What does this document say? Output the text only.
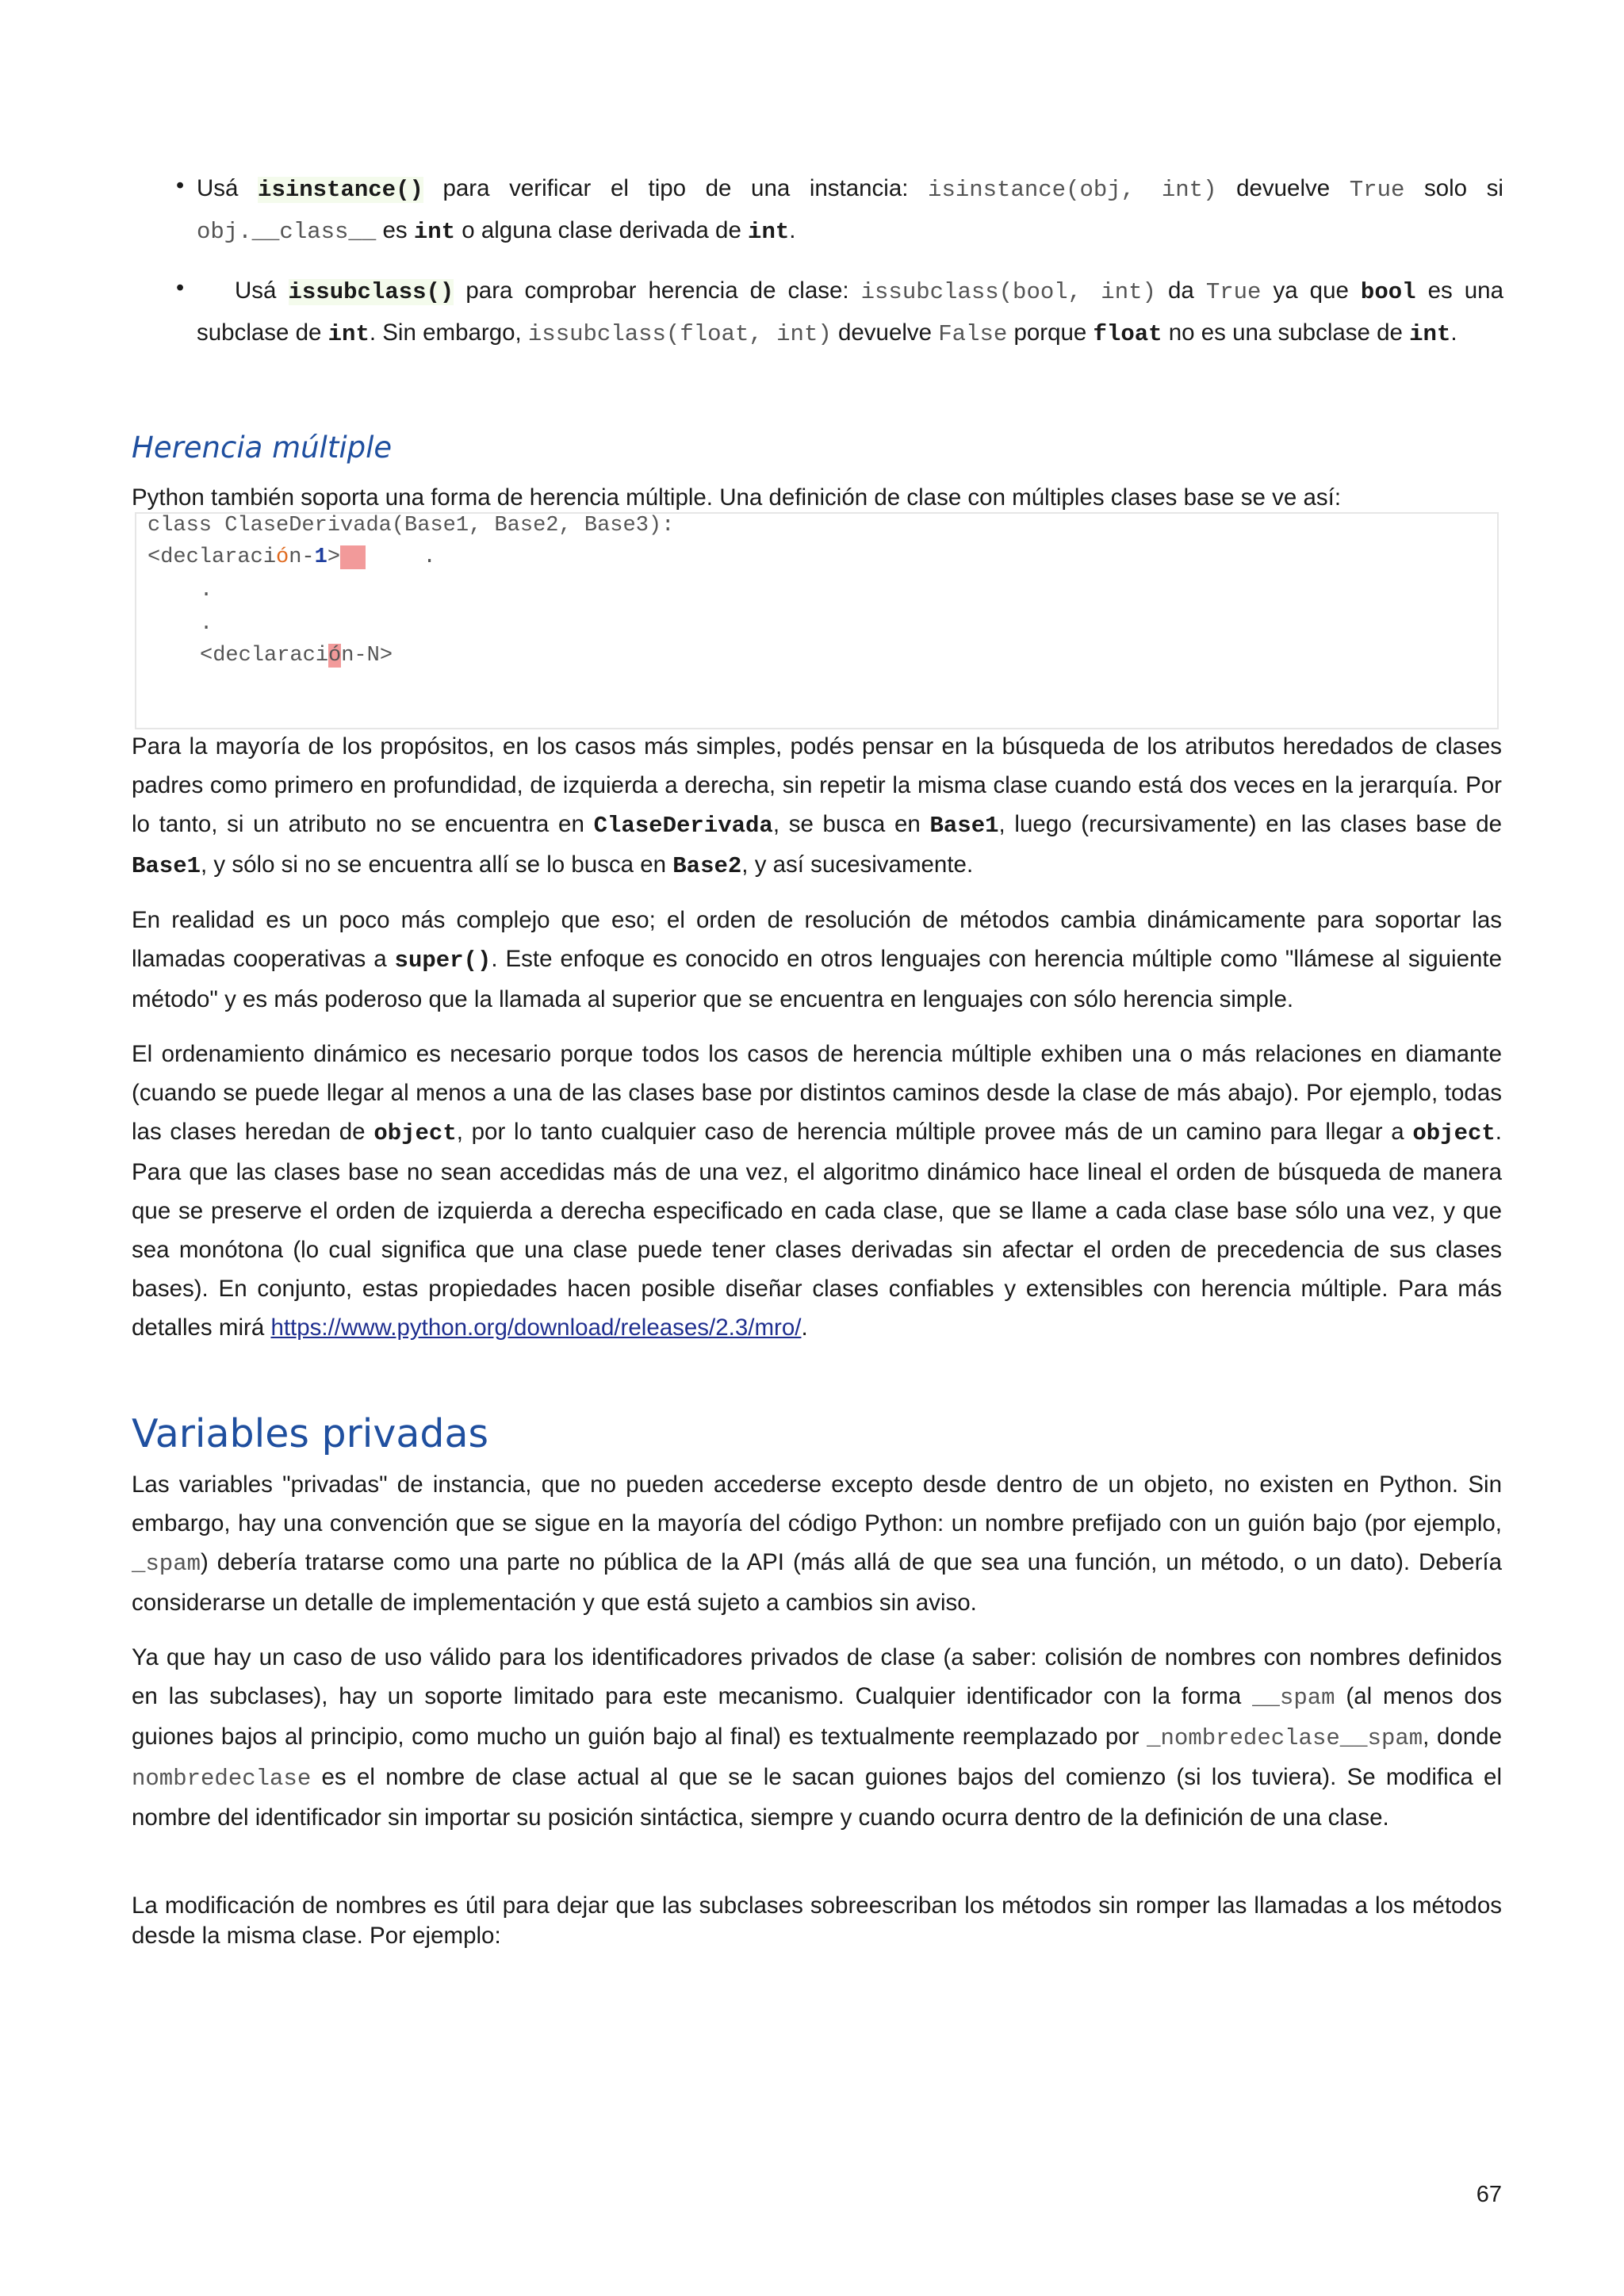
• Usá isinstance() para verificar el tipo de una instancia: isinstance(obj, int) devuelve True solo si obj.__class__ es int o alguna clase derivada de int.

•	Usá issubclass() para comprobar herencia de clase: issubclass(bool, int) da True ya que bool es una subclase de int. Sin embargo, issubclass(float, int) devuelve False porque float no es una subclase de int.

Herencia múltiple

Python también soporta una forma de herencia múltiple. Una definición de clase con múltiples clases base se ve así:

class ClaseDerivada(Base1, Base2, Base3):
<declaración-1>	.
.
.
<declaración-N>

Para la mayoría de los propósitos, en los casos más simples, podés pensar en la búsqueda de los atributos heredados de clases padres como primero en profundidad, de izquierda a derecha, sin repetir la misma clase cuando está dos veces en la jerarquía. Por lo tanto, si un atributo no se encuentra en ClaseDerivada, se busca en Base1, luego (recursivamente) en las clases base de Base1, y sólo si no se encuentra allí se lo busca en Base2, y así sucesivamente.

En realidad es un poco más complejo que eso; el orden de resolución de métodos cambia dinámicamente para soportar las llamadas cooperativas a super(). Este enfoque es conocido en otros lenguajes con herencia múltiple como "llámese al siguiente método" y es más poderoso que la llamada al superior que se encuentra en lenguajes con sólo herencia simple.

El ordenamiento dinámico es necesario porque todos los casos de herencia múltiple exhiben una o más relaciones en diamante (cuando se puede llegar al menos a una de las clases base por distintos caminos desde la clase de más abajo). Por ejemplo, todas las clases heredan de object, por lo tanto cualquier caso de herencia múltiple provee más de un camino para llegar a object. Para que las clases base no sean accedidas más de una vez, el algoritmo dinámico hace lineal el orden de búsqueda de manera que se preserve el orden de izquierda a derecha especificado en cada clase, que se llame a cada clase base sólo una vez, y que sea monótona (lo cual significa que una clase puede tener clases derivadas sin afectar el orden de precedencia de sus clases bases). En conjunto, estas propiedades hacen posible diseñar clases confiables y extensibles con herencia múltiple. Para más detalles mirá https://www.python.org/download/releases/2.3/mro/.

Variables privadas

Las variables "privadas" de instancia, que no pueden accederse excepto desde dentro de un objeto, no existen en Python. Sin embargo, hay una convención que se sigue en la mayoría del código Python: un nombre prefijado con un guión bajo (por ejemplo, _spam) debería tratarse como una parte no pública de la API (más allá de que sea una función, un método, o un dato). Debería considerarse un detalle de implementación y que está sujeto a cambios sin aviso.

Ya que hay un caso de uso válido para los identificadores privados de clase (a saber: colisión de nombres con nombres definidos en las subclases), hay un soporte limitado para este mecanismo. Cualquier identificador con la forma __spam (al menos dos guiones bajos al principio, como mucho un guión bajo al final) es textualmente reemplazado por _nombredeclase__spam, donde nombredeclase es el nombre de clase actual al que se le sacan guiones bajos del comienzo (si los tuviera). Se modifica el nombre del identificador sin importar su posición sintáctica, siempre y cuando ocurra dentro de la definición de una clase.

La modificación de nombres es útil para dejar que las subclases sobreescriban los métodos sin romper las llamadas a los métodos desde la misma clase. Por ejemplo:

67
